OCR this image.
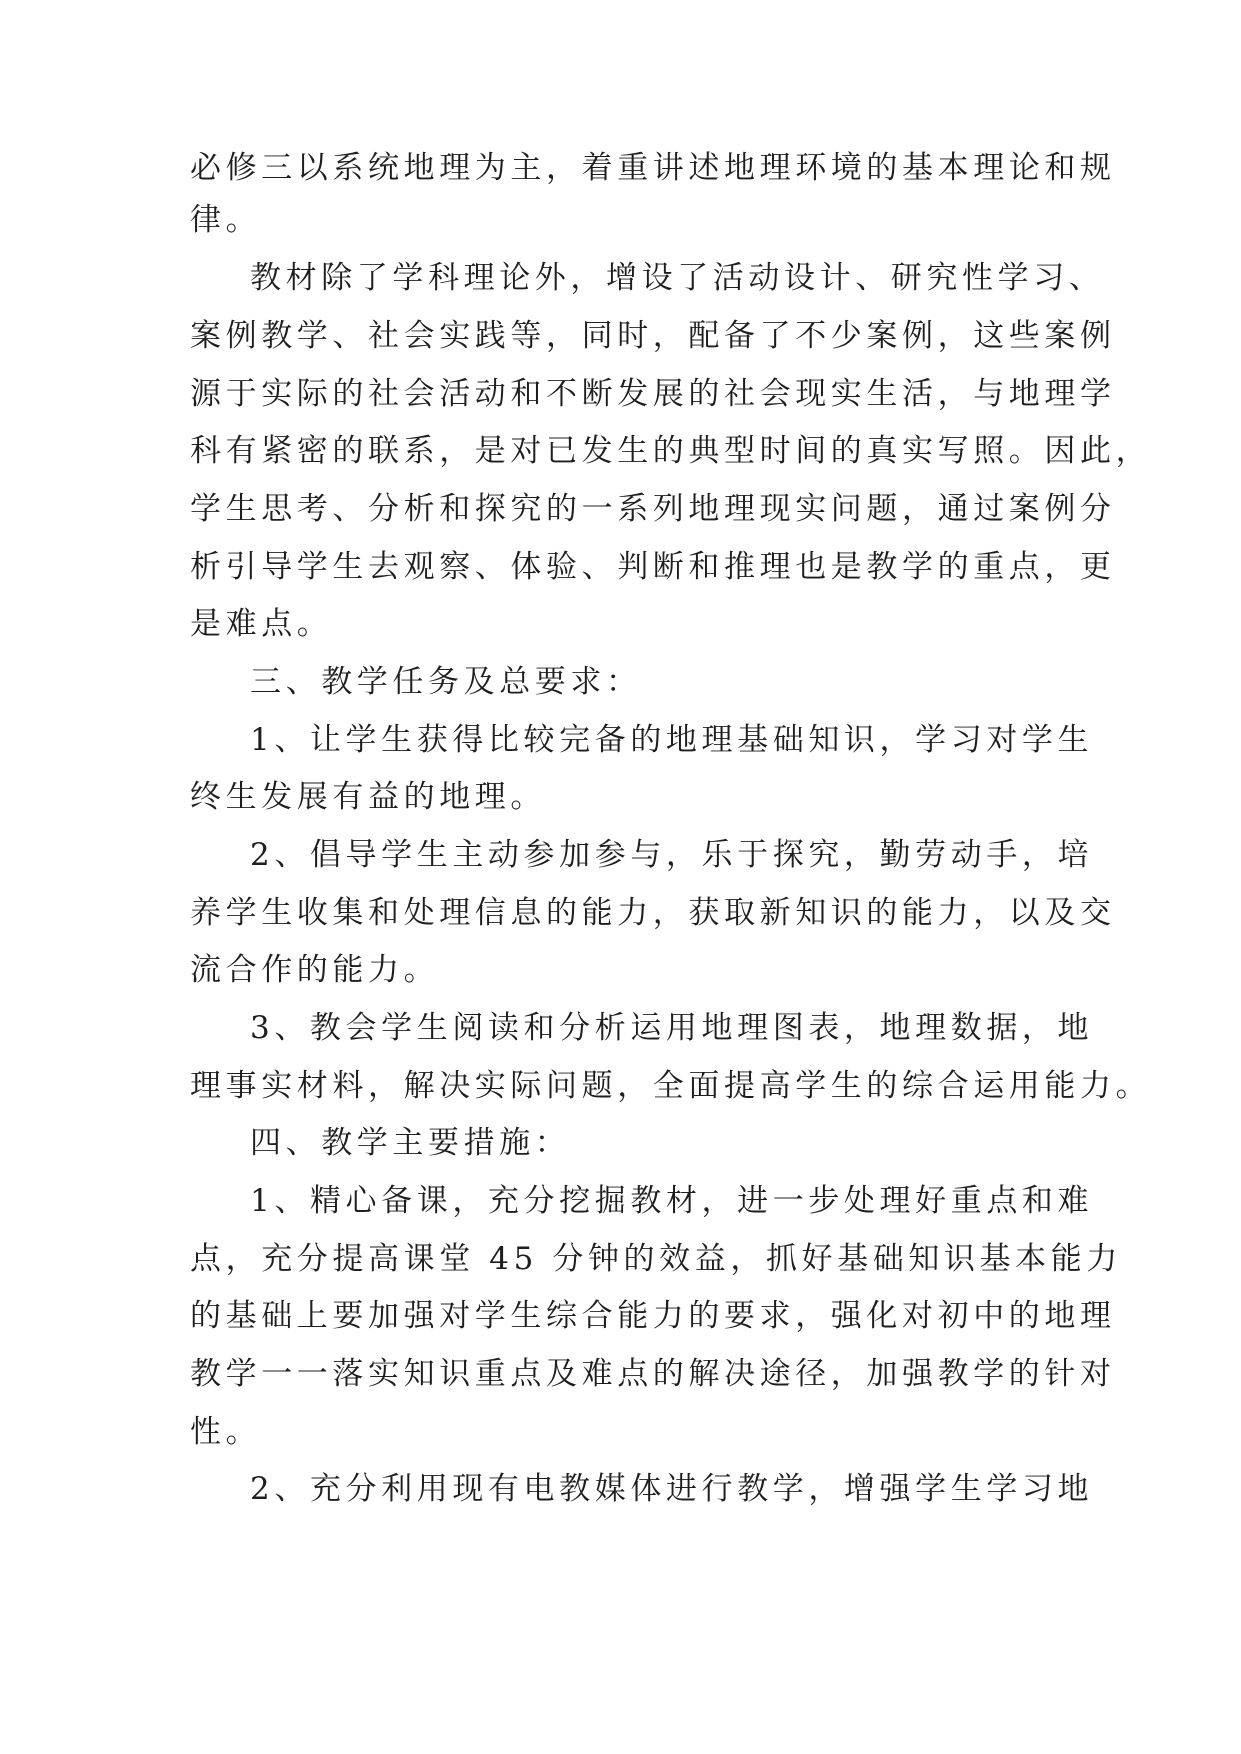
必修三以系统地理为主，着重讲述地理环境的基本理论和规
律。
教材除了学科理论外，增设了活动设计、研究性学习、
案例教学、社会实践等，同时，配备了不少案例，这些案例
源于实际的社会活动和不断发展的社会现实生活，与地理学
科有紧密的联系，是对已发生的典型时间的真实写照。因此，
学生思考、分析和探究的一系列地理现实问题，通过案例分
析引导学生去观察、体验、判断和推理也是教学的重点，更
是难点。
三、教学任务及总要求：
1、让学生获得比较完备的地理基础知识，学习对学生
终生发展有益的地理。
2、倡导学生主动参加参与，乐于探究，勤劳动手，培
养学生收集和处理信息的能力，获取新知识的能力，以及交
流合作的能力。
3、教会学生阅读和分析运用地理图表，地理数据，地
理事实材料，解决实际问题，全面提高学生的综合运用能力。
四、教学主要措施：
1、精心备课，充分挖掘教材，进一步处理好重点和难
点，充分提高课堂 45 分钟的效益，抓好基础知识基本能力
的基础上要加强对学生综合能力的要求，强化对初中的地理
教学一一落实知识重点及难点的解决途径，加强教学的针对
性。
2、充分利用现有电教媒体进行教学，增强学生学习地
